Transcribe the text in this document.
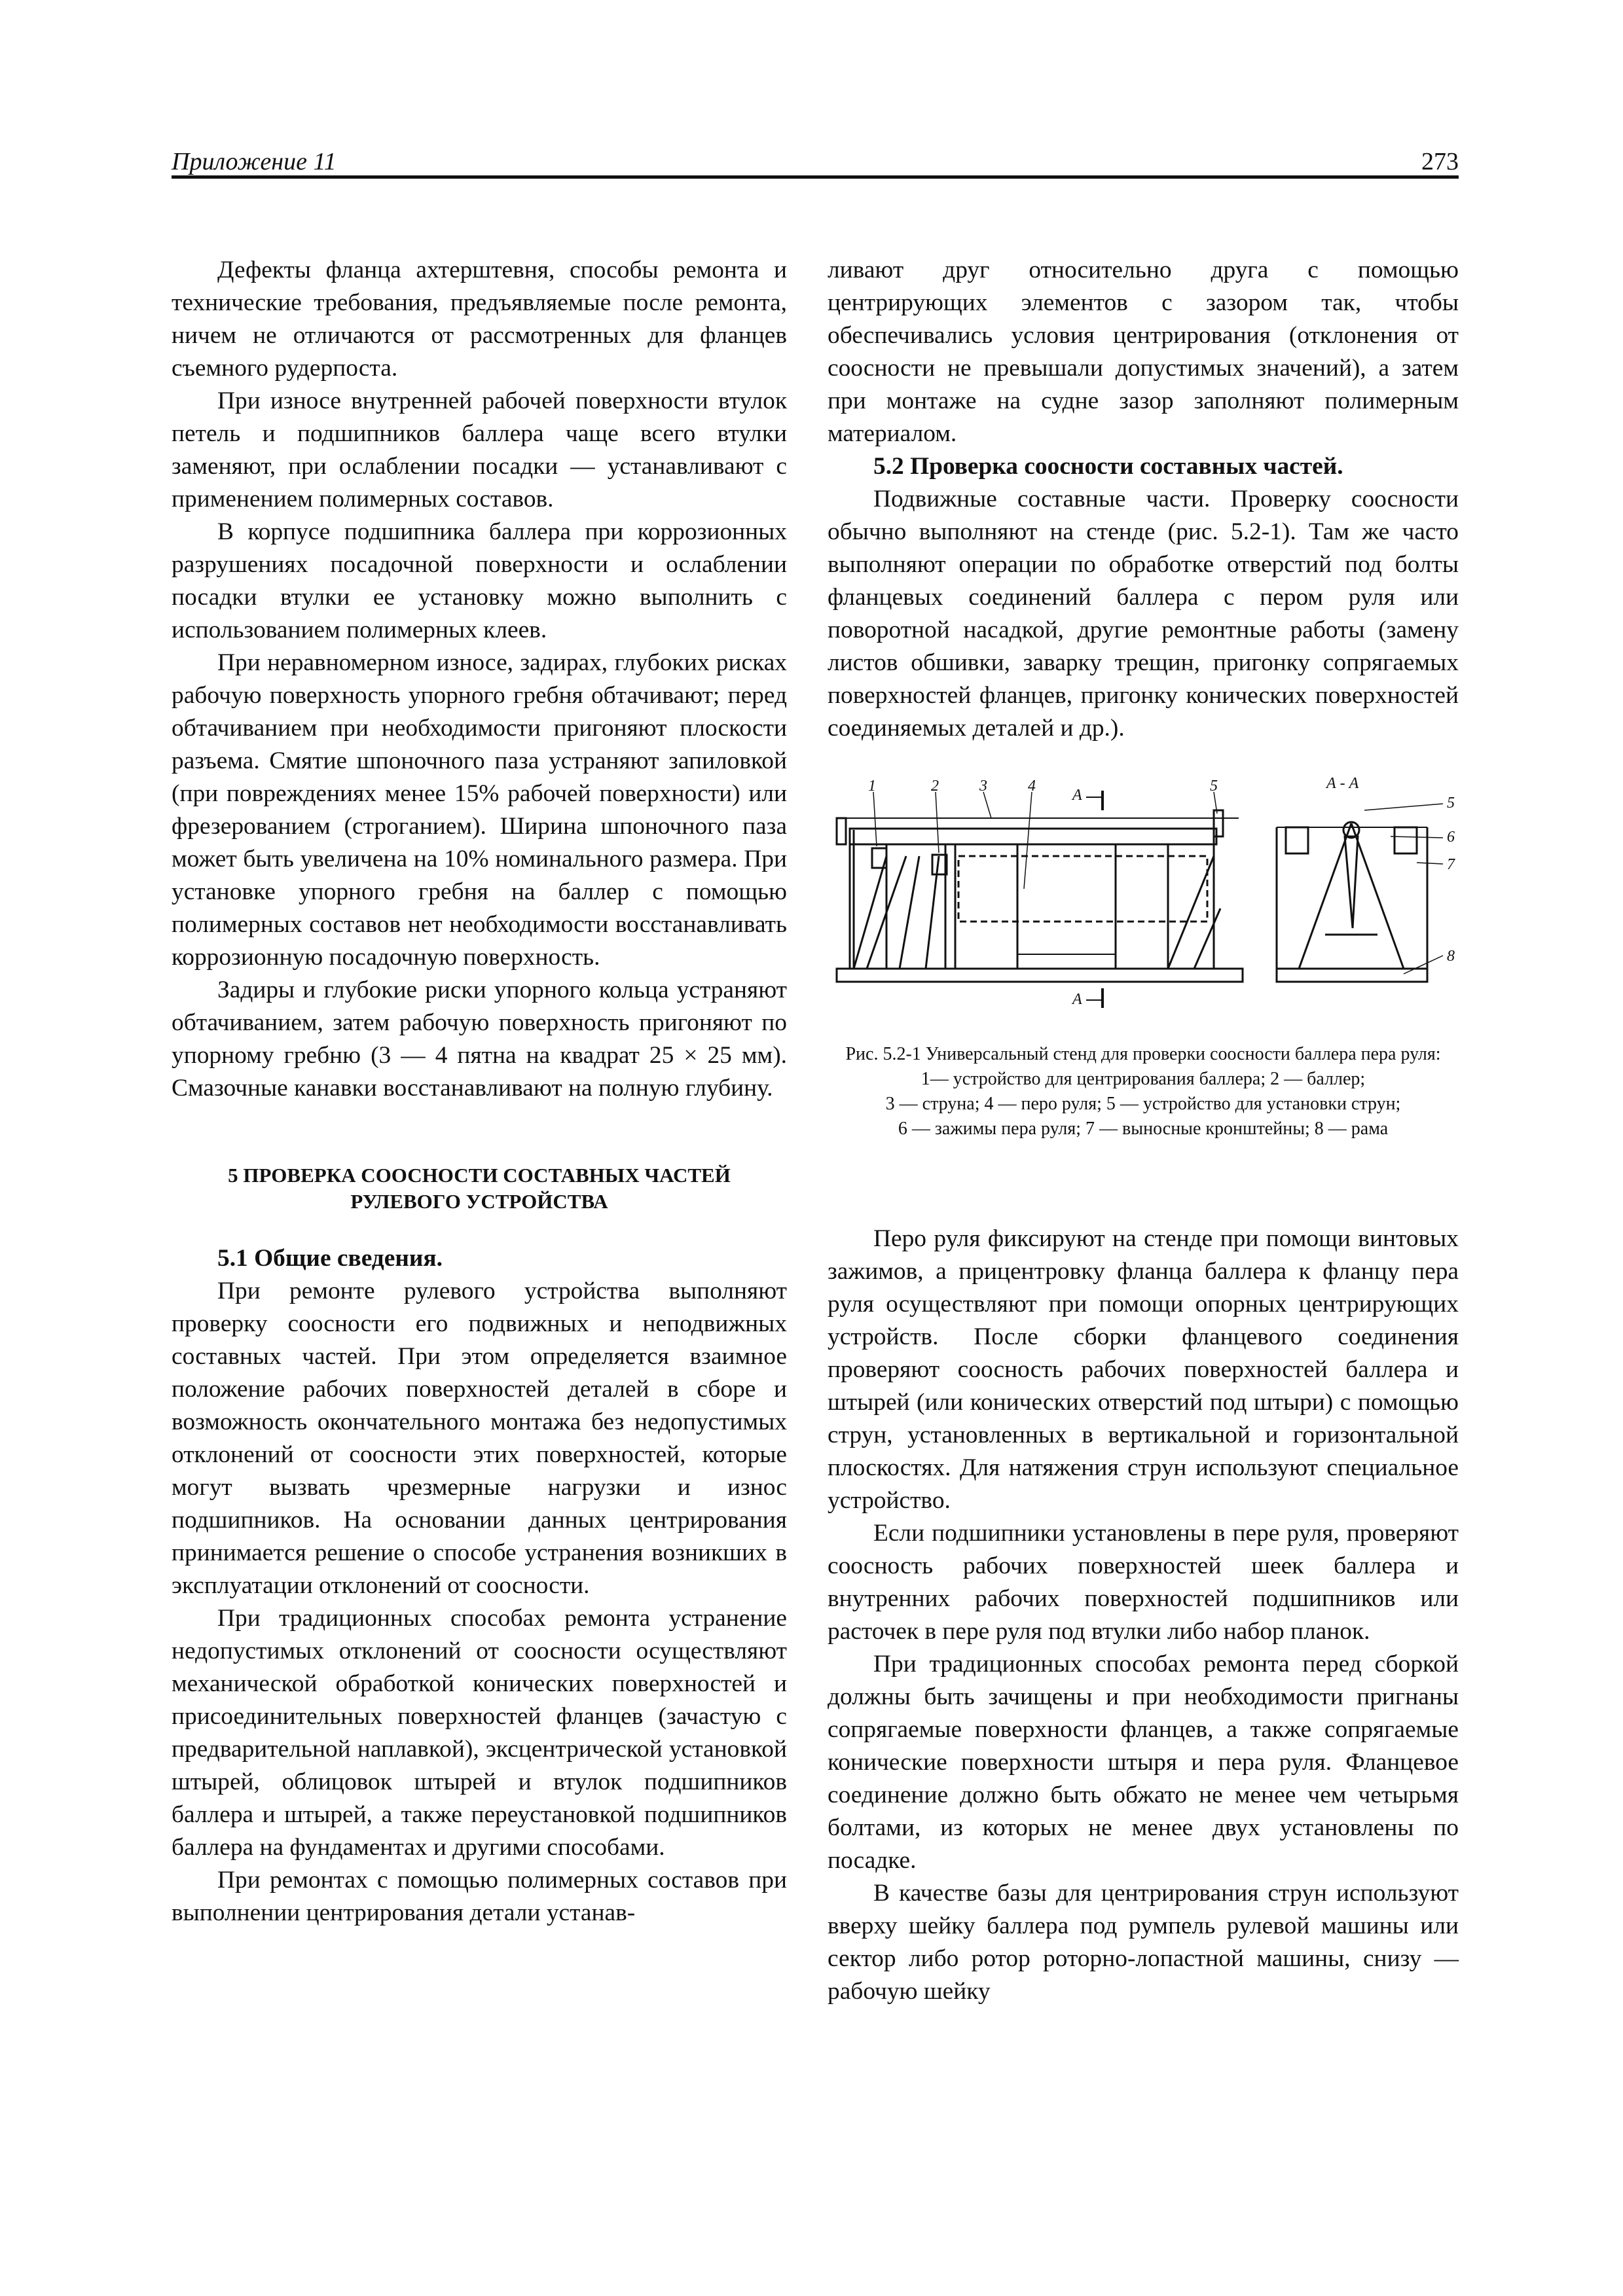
Приложение 11	273

Дефекты фланца ахтерштевня, способы ремонта и технические требования, предъявляемые после ремонта, ничем не отличаются от рассмотренных для фланцев съемного рудерпоста.

При износе внутренней рабочей поверхности втулок петель и подшипников баллера чаще всего втулки заменяют, при ослаблении посадки — устанавливают с применением полимерных составов.

В корпусе подшипника баллера при коррозионных разрушениях посадочной поверхности и ослаблении посадки втулки ее установку можно выполнить с использованием полимерных клеев.

При неравномерном износе, задирах, глубоких рисках рабочую поверхность упорного гребня обтачивают; перед обтачиванием при необходимости пригоняют плоскости разъема. Смятие шпоночного паза устраняют запиловкой (при повреждениях менее 15% рабочей поверхности) или фрезерованием (строганием). Ширина шпоночного паза может быть увеличена на 10% номинального размера. При установке упорного гребня на баллер с помощью полимерных составов нет необходимости восстанавливать коррозионную посадочную поверхность.

Задиры и глубокие риски упорного кольца устраняют обтачиванием, затем рабочую поверхность пригоняют по упорному гребню (3 — 4 пятна на квадрат 25 × 25 мм). Смазочные канавки восстанавливают на полную глубину.

5 ПРОВЕРКА СООСНОСТИ СОСТАВНЫХ ЧАСТЕЙ РУЛЕВОГО УСТРОЙСТВА

5.1 Общие сведения.

При ремонте рулевого устройства выполняют проверку соосности его подвижных и неподвижных составных частей. При этом определяется взаимное положение рабочих поверхностей деталей в сборе и возможность окончательного монтажа без недопустимых отклонений от соосности этих поверхностей, которые могут вызвать чрезмерные нагрузки и износ подшипников. На основании данных центрирования принимается решение о способе устранения возникших в эксплуатации отклонений от соосности.

При традиционных способах ремонта устранение недопустимых отклонений от соосности осуществляют механической обработкой конических поверхностей и присоединительных поверхностей фланцев (зачастую с предварительной наплавкой), эксцентрической установкой штырей, облицовок штырей и втулок подшипников баллера и штырей, а также переустановкой подшипников баллера на фундаментах и другими способами.

При ремонтах с помощью полимерных составов при выполнении центрирования детали устанав-

ливают друг относительно друга с помощью центрирующих элементов с зазором так, чтобы обеспечивались условия центрирования (отклонения от соосности не превышали допустимых значений), а затем при монтаже на судне зазор заполняют полимерным материалом.

5.2 Проверка соосности составных частей.

Подвижные составные части. Проверку соосности обычно выполняют на стенде (рис. 5.2-1). Там же часто выполняют операции по обработке отверстий под болты фланцевых соединений баллера с пером руля или поворотной насадкой, другие ремонтные работы (замену листов обшивки, заварку трещин, пригонку сопрягаемых поверхностей фланцев, пригонку конических поверхностей соединяемых деталей и др.).

1	2	3	4
А
5
А
А - А
5
6
7
8
Рис. 5.2-1 Универсальный стенд для проверки соосности баллера пера руля:
1— устройство для центрирования баллера; 2 — баллер;
3 — струна; 4 — перо руля; 5 — устройство для установки струн;
6 — зажимы пера руля; 7 — выносные кронштейны; 8 — рама

Перо руля фиксируют на стенде при помощи винтовых зажимов, а прицентровку фланца баллера к фланцу пера руля осуществляют при помощи опорных центрирующих устройств. После сборки фланцевого соединения проверяют соосность рабочих поверхностей баллера и штырей (или конических отверстий под штыри) с помощью струн, установленных в вертикальной и горизонтальной плоскостях. Для натяжения струн используют специальное устройство.

Если подшипники установлены в пере руля, проверяют соосность рабочих поверхностей шеек баллера и внутренних рабочих поверхностей подшипников или расточек в пере руля под втулки либо набор планок.

При традиционных способах ремонта перед сборкой должны быть зачищены и при необходимости пригнаны сопрягаемые поверхности фланцев, а также сопрягаемые конические поверхности штыря и пера руля. Фланцевое соединение должно быть обжато не менее чем четырьмя болтами, из которых не менее двух установлены по посадке.

В качестве базы для центрирования струн используют вверху шейку баллера под румпель рулевой машины или сектор либо ротор роторно-лопастной машины, снизу — рабочую шейку
